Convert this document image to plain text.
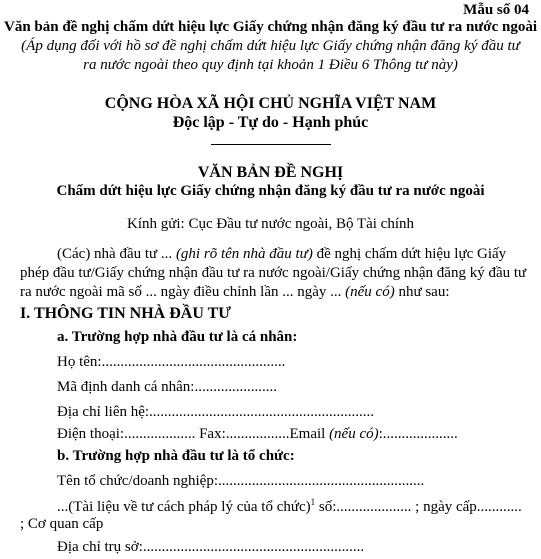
Mẫu số 04
Văn bản đề nghị chấm dứt hiệu lực Giấy chứng nhận đăng ký đầu tư ra nước ngoài
(Áp dụng đối với hồ sơ đề nghị chấm dứt hiệu lực Giấy chứng nhận đăng ký đầu tư
ra nước ngoài theo quy định tại khoản 1 Điều 6 Thông tư này)
CỘNG HÒA XÃ HỘI CHỦ NGHĨA VIỆT NAM
Độc lập - Tự do - Hạnh phúc
VĂN BẢN ĐỀ NGHỊ
Chấm dứt hiệu lực Giấy chứng nhận đăng ký đầu tư ra nước ngoài
Kính gửi: Cục Đầu tư nước ngoài, Bộ Tài chính
(Các) nhà đầu tư ... (ghi rõ tên nhà đầu tư) đề nghị chấm dứt hiệu lực Giấy
phép đầu tư/Giấy chứng nhận đầu tư ra nước ngoài/Giấy chứng nhận đăng ký đầu tư
ra nước ngoài mã số ... ngày điều chỉnh lần ... ngày ... (nếu có) như sau:
I. THÔNG TIN NHÀ ĐẦU TƯ
a. Trường hợp nhà đầu tư là cá nhân:
Họ tên:.................................................
Mã định danh cá nhân:......................
Địa chỉ liên hệ:............................................................
Điện thoại:................... Fax:.................Email (nếu có):....................
b. Trường hợp nhà đầu tư là tổ chức:
Tên tổ chức/doanh nghiệp:.......................................................
...(Tài liệu về tư cách pháp lý của tổ chức)$^1$ số:.................... ; ngày cấp............
; Cơ quan cấp
Địa chỉ trụ sở:...........................................................
